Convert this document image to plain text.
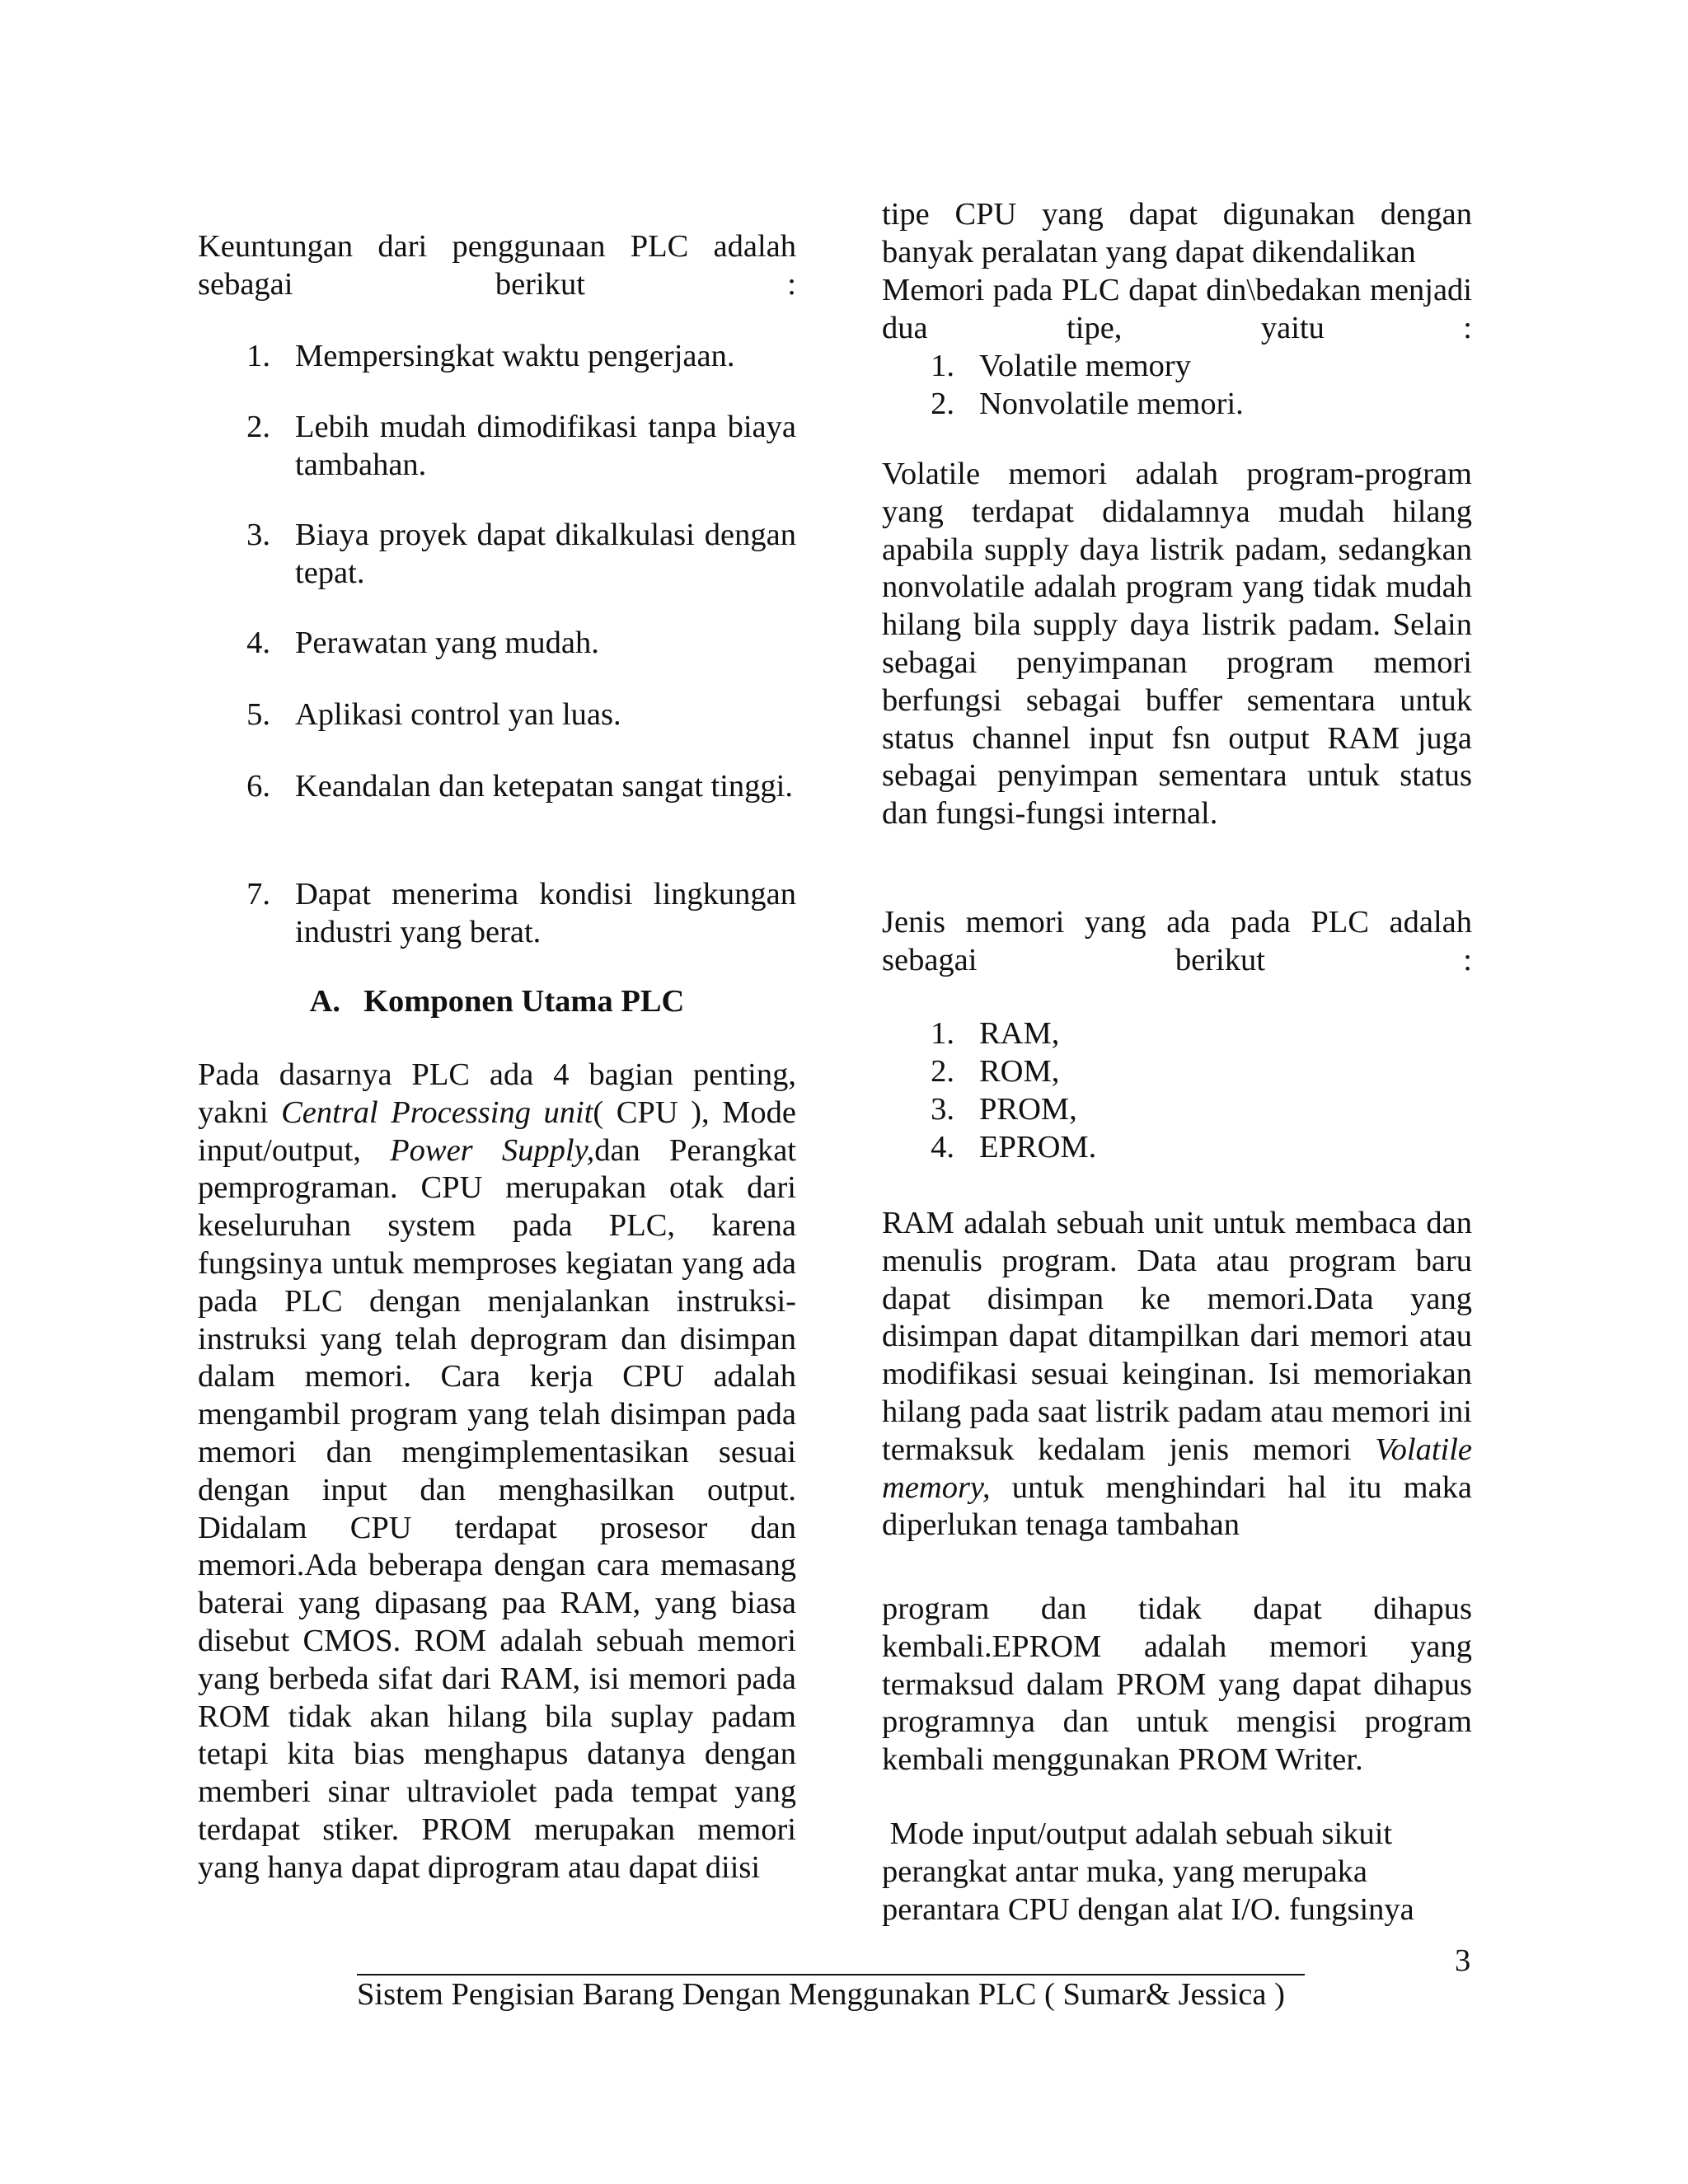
Keuntungan dari penggunaan PLC adalah sebagai berikut :

1. Mempersingkat waktu pengerjaan.
2. Lebih mudah dimodifikasi tanpa biaya tambahan.
3. Biaya proyek dapat dikalkulasi dengan tepat.
4. Perawatan yang mudah.
5. Aplikasi control yan luas.
6. Keandalan dan ketepatan sangat tinggi.
7. Dapat menerima kondisi lingkungan industri yang berat.
A. Komponen Utama PLC

Pada dasarnya PLC ada 4 bagian penting, yakni Central Processing unit( CPU ), Mode input/output, Power Supply,dan Perangkat pemprograman. CPU merupakan otak dari keseluruhan system pada PLC, karena fungsinya untuk memproses kegiatan yang ada pada PLC dengan menjalankan instruksi-instruksi yang telah deprogram dan disimpan dalam memori. Cara kerja CPU adalah mengambil program yang telah disimpan pada memori dan mengimplementasikan sesuai dengan input dan menghasilkan output. Didalam CPU terdapat prosesor dan memori.Ada beberapa dengan cara memasang baterai yang dipasang paa RAM, yang biasa disebut CMOS. ROM adalah sebuah memori yang berbeda sifat dari RAM, isi memori pada ROM tidak akan hilang bila suplay padam tetapi kita bias menghapus datanya dengan memberi sinar ultraviolet pada tempat yang terdapat stiker. PROM merupakan memori yang hanya dapat diprogram atau dapat diisi

tipe CPU yang dapat digunakan dengan banyak peralatan yang dapat dikendalikan

Memori pada PLC dapat din\bedakan menjadi dua tipe, yaitu :

1. Volatile memory
2. Nonvolatile memori.

Volatile memori adalah program-program yang terdapat didalamnya mudah hilang apabila supply daya listrik padam, sedangkan nonvolatile adalah program yang tidak mudah hilang bila supply daya listrik padam. Selain sebagai penyimpanan program memori berfungsi sebagai buffer sementara untuk status channel input fsn output RAM juga sebagai penyimpan sementara untuk status dan fungsi-fungsi internal.

Jenis memori yang ada pada PLC adalah sebagai berikut :

1. RAM,
2. ROM,
3. PROM,
4. EPROM.

RAM adalah sebuah unit untuk membaca dan menulis program. Data atau program baru dapat disimpan ke memori.Data yang disimpan dapat ditampilkan dari memori atau modifikasi sesuai keinginan. Isi memoriakan hilang pada saat listrik padam atau memori ini termaksuk kedalam jenis memori Volatile memory, untuk menghindari hal itu maka diperlukan tenaga tambahan

program dan tidak dapat dihapus kembali.EPROM adalah memori yang termaksud dalam PROM yang dapat dihapus programnya dan untuk mengisi program kembali menggunakan PROM Writer.

Mode input/output adalah sebuah sikuit perangkat antar muka, yang merupaka perantara CPU dengan alat I/O. fungsinya

3
Sistem Pengisian Barang Dengan Menggunakan PLC ( Sumar& Jessica )
